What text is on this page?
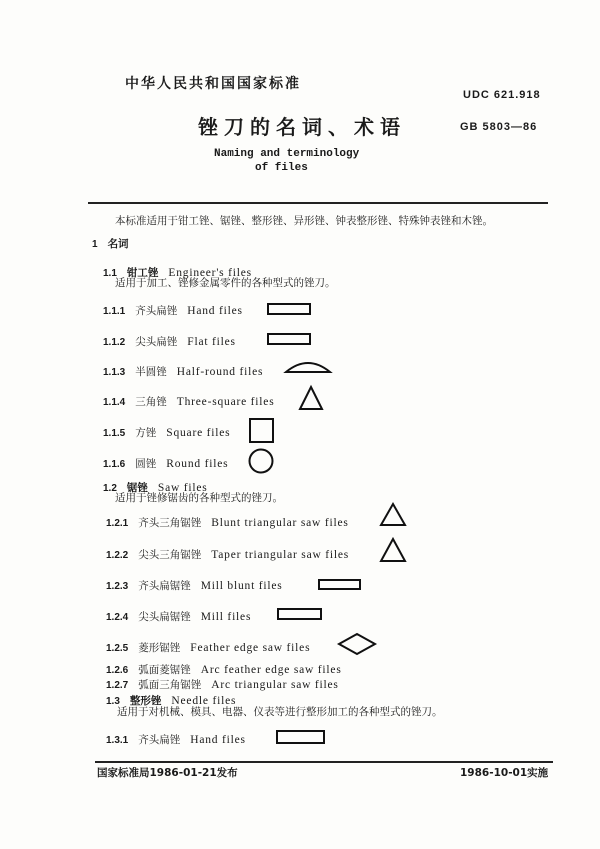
中华人民共和国国家标准
UDC 621.918
锉刀的名词、术语	GB 5803—86
Naming and terminology
of files
本标准适用于钳工锉、锯锉、整形锉、异形锉、钟表整形锉、特殊钟表锉和木锉。
1 名词
1.1 钳工锉 Engineer's files
适用于加工、锉修金属零件的各种型式的锉刀。
1.1.1 齐头扁锉 Hand files
1.1.2 尖头扁锉 Flat files
1.1.3 半圆锉 Half-round files
1.1.4 三角锉 Three-square files
1.1.5 方锉 Square files
1.1.6 圆锉 Round files
1.2 锯锉 Saw files
适用于锉修锯齿的各种型式的锉刀。
1.2.1 齐头三角锯锉 Blunt triangular saw files
1.2.2 尖头三角锯锉 Taper triangular saw files
1.2.3 齐头扁锯锉 Mill blunt files
1.2.4 尖头扁锯锉 Mill files
1.2.5 菱形锯锉 Feather edge saw files
1.2.6 弧面菱锯锉 Arc feather edge saw files
1.2.7 弧面三角锯锉 Arc triangular saw files
1.3 整形锉 Needle files
适用于对机械、模具、电器、仪表等进行整形加工的各种型式的锉刀。
1.3.1 齐头扁锉 Hand files
国家标准局1986-01-21发布	1986-10-01实施
